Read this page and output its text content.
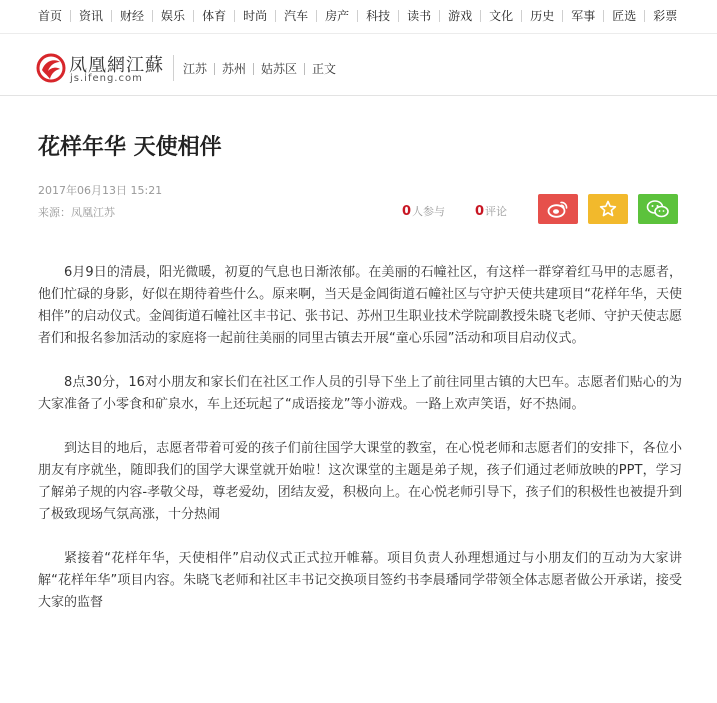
首页 资讯 财经 娱乐 体育 时尚 汽车 房产 科技 读书 游戏 文化 历史 军事 匠选 彩票
凤凰網江蘇
js.ifeng.com
江苏 苏州 姑苏区 正文
花样年华 天使相伴
2017年06月13日 15:21
来源：凤凰江苏	0 人参与 0 评论

6月9日的清晨，阳光微暖，初夏的气息也日渐浓郁。在美丽的石幢社区，有这样一群穿着红马甲的志愿者，他们忙碌的身影，好似在期待着些什么。原来啊，当天是金阊街道石幢社区与守护天使共建项目“花样年华，天使相伴”的启动仪式。金阊街道石幢社区丰书记、张书记、苏州卫生职业技术学院副教授朱晓飞老师、守护天使志愿者们和报名参加活动的家庭将一起前往美丽的同里古镇去开展“童心乐园”活动和项目启动仪式。

8点30分，16对小朋友和家长们在社区工作人员的引导下坐上了前往同里古镇的大巴车。志愿者们贴心的为大家准备了小零食和矿泉水，车上还玩起了“成语接龙”等小游戏。一路上欢声笑语，好不热闹。

到达目的地后，志愿者带着可爱的孩子们前往国学大课堂的教室，在心悦老师和志愿者们的安排下，各位小朋友有序就坐，随即我们的国学大课堂就开始啦！这次课堂的主题是弟子规，孩子们通过老师放映的PPT，学习了解弟子规的内容-孝敬父母，尊老爱幼，团结友爱，积极向上。在心悦老师引导下，孩子们的积极性也被提升到了极致现场气氛高涨，十分热闹

紧接着“花样年华，天使相伴”启动仪式正式拉开帷幕。项目负责人孙理想通过与小朋友们的互动为大家讲解“花样年华”项目内容。朱晓飞老师和社区丰书记交换项目签约书李晨璠同学带领全体志愿者做公开承诺，接受大家的监督
